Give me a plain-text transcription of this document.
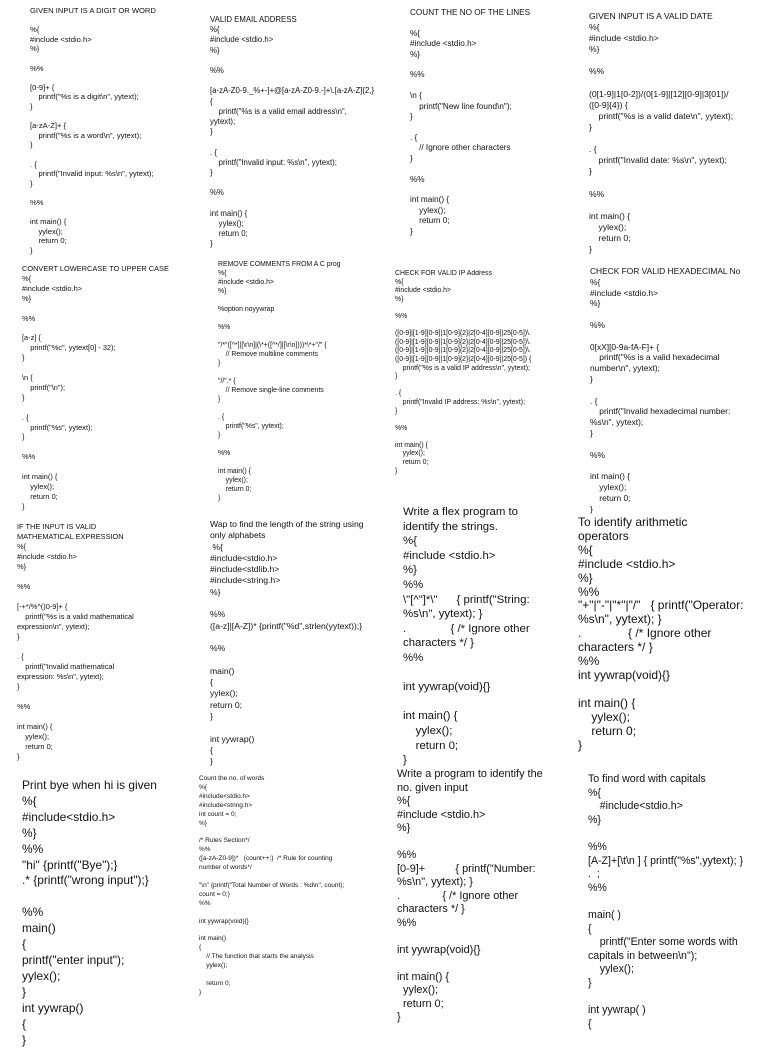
GIVEN INPUT IS A DIGIT OR WORD

%{
#include <stdio.h>
%}

%%

[0-9]+ {
printf("%s is a digit\n", yytext);
}

[a-zA-Z]+ {
printf("%s is a word\n", yytext);
}

. {
printf("Invalid input: %s\n", yytext);
}

%%

int main() {
yylex();
return 0;
}
VALID EMAIL ADDRESS
%{
#include <stdio.h>
%}

%%

[a-zA-Z0-9._%+-]+@[a-zA-Z0-9.-]+\.[a-zA-Z]{2,}
{
printf("%s is a valid email address\n",
yytext);
}

. {
printf("Invalid input: %s\n", yytext);
}

%%

int main() {
yylex();
return 0;
}
COUNT THE NO OF THE LINES

%{
#include <stdio.h>
%}

%%

\n {
printf("New line found\n");
}

. {
// Ignore other characters
}

%%

int main() {
yylex();
return 0;
}
GIVEN INPUT IS A VALID DATE
%{
#include <stdio.h>
%}

%%

(0[1-9]|1[0-2])/(0[1-9]|[12][0-9]|3[01])/
([0-9]{4}) {
printf("%s is a valid date\n", yytext);
}

. {
printf("Invalid date: %s\n", yytext);
}

%%

int main() {
yylex();
return 0;
}
CONVERT LOWERCASE TO UPPER CASE
%{
#include <stdio.h>
%}

%%

[a-z] {
printf("%c", yytext[0] - 32);
}

\n {
printf("\n");
}

. {
printf("%s", yytext);
}

%%

int main() {
yylex();
return 0;
}
REMOVE COMMENTS FROM A C prog
%{
#include <stdio.h>
%}

%option noyywrap

%%

"/*"([^*]|[\r\n]|(\*+([^*/]|[\r\n])))*\*+"/" {
// Remove multiline comments
}

"//".* {
// Remove single-line comments
}

. {
printf("%s", yytext);
}

%%

int main() {
yylex();
return 0;
}
CHECK FOR VALID IP Address
%{
#include <stdio.h>
%}

%%

([0-9]|[1-9][0-9]|1[0-9]{2}|2[0-4][0-9]|25[0-5])\.
([0-9]|[1-9][0-9]|1[0-9]{2}|2[0-4][0-9]|25[0-5])\.
([0-9]|[1-9][0-9]|1[0-9]{2}|2[0-4][0-9]|25[0-5])\.
([0-9]|[1-9][0-9]|1[0-9]{2}|2[0-4][0-9]|25[0-5]) {
printf("%s is a valid IP address\n", yytext);
}

. {
printf("Invalid IP address: %s\n", yytext);
}

%%

int main() {
yylex();
return 0;
}
CHECK FOR VALID HEXADECIMAL No
%{
#include <stdio.h>
%}

%%

0[xX][0-9a-fA-F]+ {
printf("%s is a valid hexadecimal
number\n", yytext);
}

. {
printf("Invalid hexadecimal number:
%s\n", yytext);
}

%%

int main() {
yylex();
return 0;
}
IF THE INPUT IS VALID
MATHEMATICAL EXPRESSION
%{
#include <stdio.h>
%}

%%

[-+*/%^()0-9]+ {
printf("%s is a valid mathematical
expression\n", yytext);
}

. {
printf("Invalid mathematical
expression: %s\n", yytext);
}

%%

int main() {
yylex();
return 0;
}
Wap to find the length of the string using
only alphabets
%{
#include<stdio.h>
#include<stdlib.h>
#include<string.h>
%}

%%
([a-z]|[A-Z])* {printf("%d",strlen(yytext));}

%%

main()
{
yylex();
return 0;
}

int yywrap()
{
}
Write a flex program to
identify the strings.
%{
#include <stdio.h>
%}
%%
\"[^"]*\"      { printf("String:
%s\n", yytext); }
.              { /* Ignore other
characters */ }
%%

int yywrap(void){}

int main() {
yylex();
return 0;
}
To identify arithmetic
operators
%{
#include <stdio.h>
%}
%%
"+"|"-"|"*"|"/"   { printf("Operator:
%s\n", yytext); }
.              { /* Ignore other
characters */ }
%%
int yywrap(void){}

int main() {
yylex();
return 0;
}
Print bye when hi is given
%{
#include<stdio.h>
%}
%%
"hi" {printf("Bye");}
.* {printf("wrong input");}

%%
main()
{
printf("enter input");
yylex();
}
int yywrap()
{
}
Count the no. of words
%{
#include<stdio.h>
#include<string.h>
int count = 0;
%}

/* Rules Section*/
%%
([a-zA-Z0-9])*   {count++;}  /* Rule for counting
number of words*/

"\n" {printf("Total Number of Words : %d\n", count);
count = 0;}
%%

int yywrap(void){}

int main()
{
// The function that starts the analysis
yylex();

return 0;
}
Write a program to identify the
no. given input
%{
#include <stdio.h>
%}

%%
[0-9]+          { printf("Number:
%s\n", yytext); }
.              { /* Ignore other
characters */ }
%%

int yywrap(void){}

int main() {
yylex();
return 0;
}
To find word with capitals
%{
#include<stdio.h>
%}

%%
[A-Z]+[\t\n ] { printf("%s",yytext); }
.  ;
%%

main( )
{
printf("Enter some words with
capitals in between\n");
yylex();
}

int yywrap( )
{
